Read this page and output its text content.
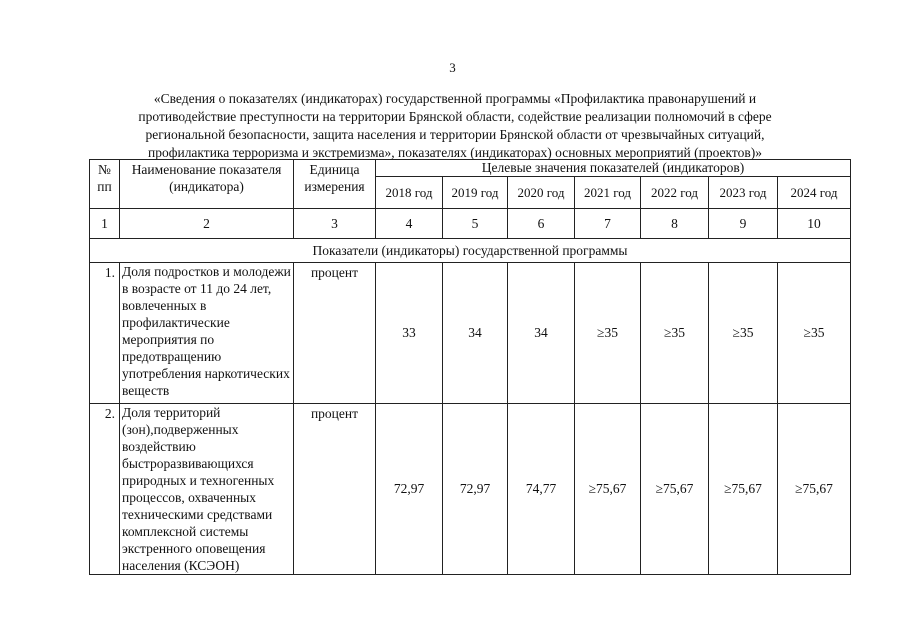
3
«Сведения о показателях (индикаторах) государственной программы «Профилактика правонарушений и
противодействие преступности на территории Брянской области, содействие реализации полномочий в сфере
региональной безопасности, защита населения и территории Брянской области от чрезвычайных ситуаций,
профилактика терроризма и экстремизма», показателях (индикаторах) основных мероприятий (проектов)»
№ пп	Наименование показателя (индикатора)	Единица измерения	Целевые значения показателей (индикаторов)						
			2018 год	2019 год	2020 год	2021 год	2022 год	2023 год	2024 год
1	2	3	4	5	6	7	8	9	10
Показатели (индикаторы) государственной программы									
1.	Доля подростков и молодежи в возрасте от 11 до 24 лет, вовлеченных в профилактические мероприятия по предотвращению употребления наркотических веществ	процент	33	34	34	≥35	≥35	≥35	≥35
2.	Доля территорий (зон),подверженных воздействию быстроразвивающихся природных и техногенных процессов, охваченных техническими средствами комплексной системы экстренного оповещения населения (КСЭОН)	процент	72,97	72,97	74,77	≥75,67	≥75,67	≥75,67	≥75,67
